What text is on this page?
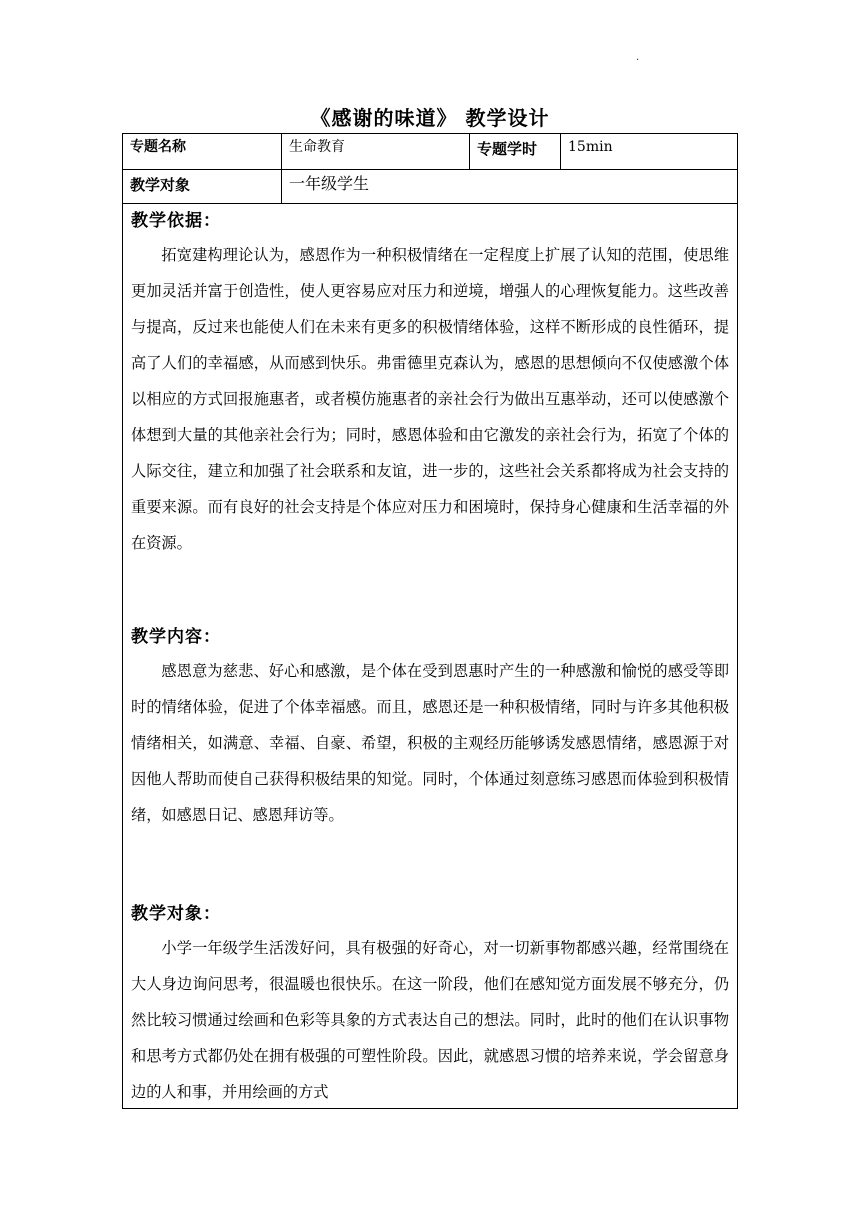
·
《感谢的味道》 教学设计
专题名称	生命教育	专题学时	15min
教学对象	一年级学生
教学依据：

拓宽建构理论认为，感恩作为一种积极情绪在一定程度上扩展了认知的范围，使思维更加灵活并富于创造性，使人更容易应对压力和逆境，增强人的心理恢复能力。这些改善与提高，反过来也能使人们在未来有更多的积极情绪体验，这样不断形成的良性循环，提高了人们的幸福感，从而感到快乐。弗雷德里克森认为，感恩的思想倾向不仅使感激个体以相应的方式回报施惠者，或者模仿施惠者的亲社会行为做出互惠举动，还可以使感激个体想到大量的其他亲社会行为；同时，感恩体验和由它激发的亲社会行为，拓宽了个体的人际交往，建立和加强了社会联系和友谊，进一步的，这些社会关系都将成为社会支持的重要来源。而有良好的社会支持是个体应对压力和困境时，保持身心健康和生活幸福的外在资源。

教学内容：

感恩意为慈悲、好心和感激，是个体在受到恩惠时产生的一种感激和愉悦的感受等即时的情绪体验，促进了个体幸福感。而且，感恩还是一种积极情绪，同时与许多其他积极情绪相关，如满意、幸福、自豪、希望，积极的主观经历能够诱发感恩情绪，感恩源于对因他人帮助而使自己获得积极结果的知觉。同时，个体通过刻意练习感恩而体验到积极情绪，如感恩日记、感恩拜访等。

教学对象：

小学一年级学生活泼好问，具有极强的好奇心，对一切新事物都感兴趣，经常围绕在大人身边询问思考，很温暖也很快乐。在这一阶段，他们在感知觉方面发展不够充分，仍然比较习惯通过绘画和色彩等具象的方式表达自己的想法。同时，此时的他们在认识事物和思考方式都仍处在拥有极强的可塑性阶段。因此，就感恩习惯的培养来说，学会留意身边的人和事，并用绘画的方式
